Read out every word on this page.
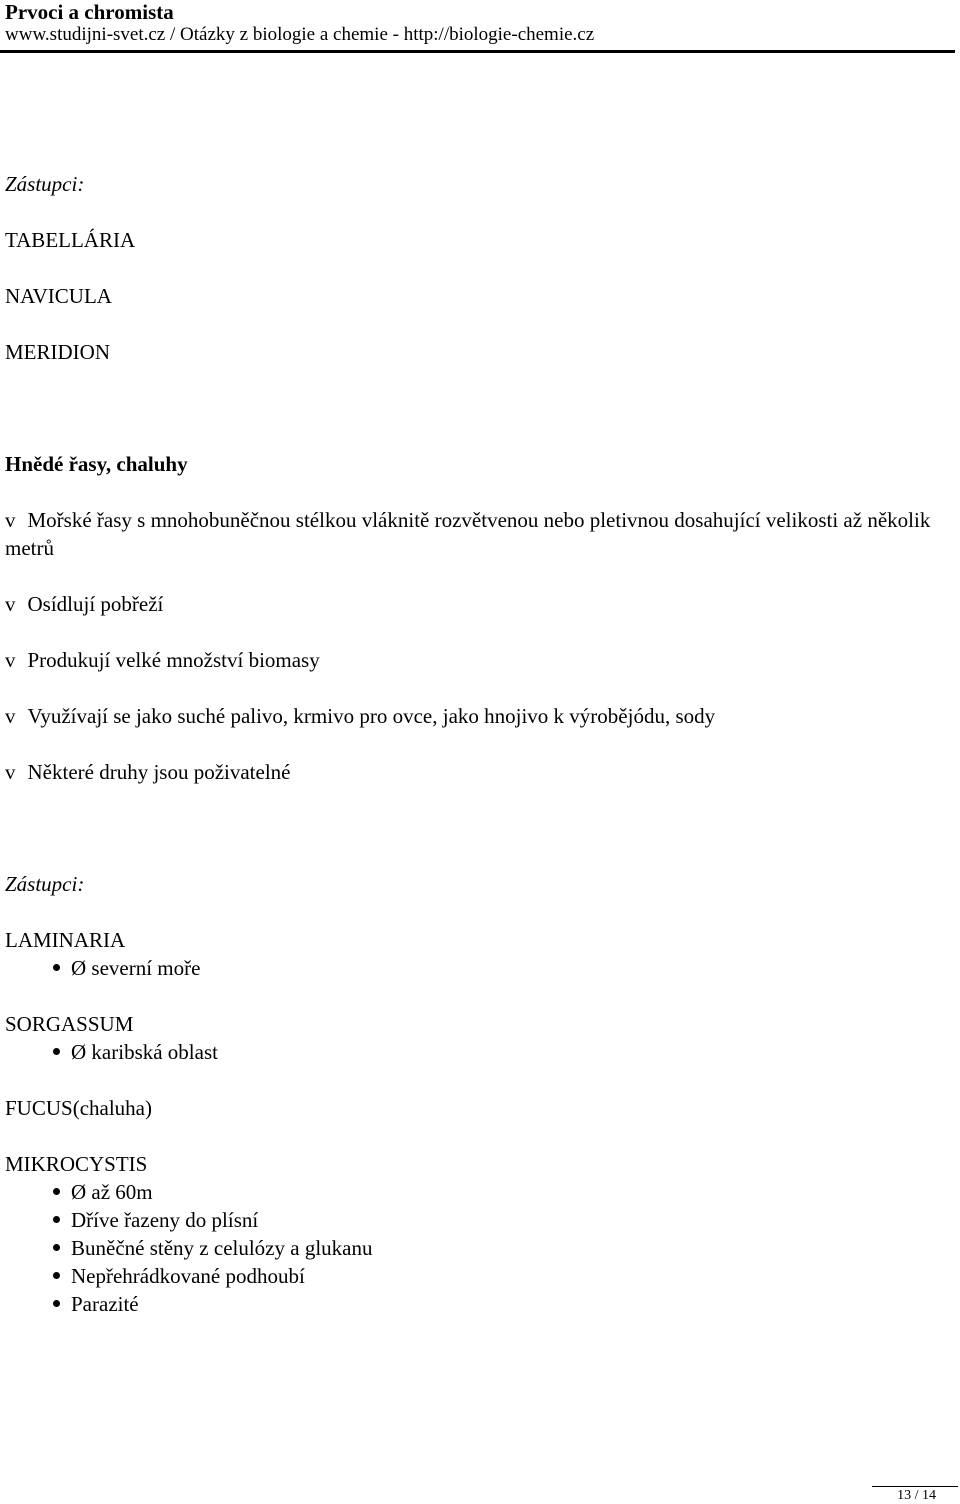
Prvoci a chromista

www.studijni-svet.cz / Otázky z biologie a chemie - http://biologie-chemie.cz

Zástupci:

TABELLÁRIA

NAVICULA

MERIDION

Hnědé řasy, chaluhy

v Mořské řasy s mnohobuněčnou stélkou vláknitě rozvětvenou nebo pletivnou dosahující velikosti až několik metrů

v Osídlují pobřeží

v Produkují velké množství biomasy

v Využívají se jako suché palivo, krmivo pro ovce, jako hnojivo k výrobějódu, sody

v Některé druhy jsou poživatelné

Zástupci:

LAMINARIA

Ø severní moře

SORGASSUM

Ø karibská oblast

FUCUS(chaluha)

MIKROCYSTIS

Ø až 60m
Dříve řazeny do plísní
Buněčné stěny z celulózy a glukanu
Nepřehrádkované podhoubí
Parazité
13 / 14
